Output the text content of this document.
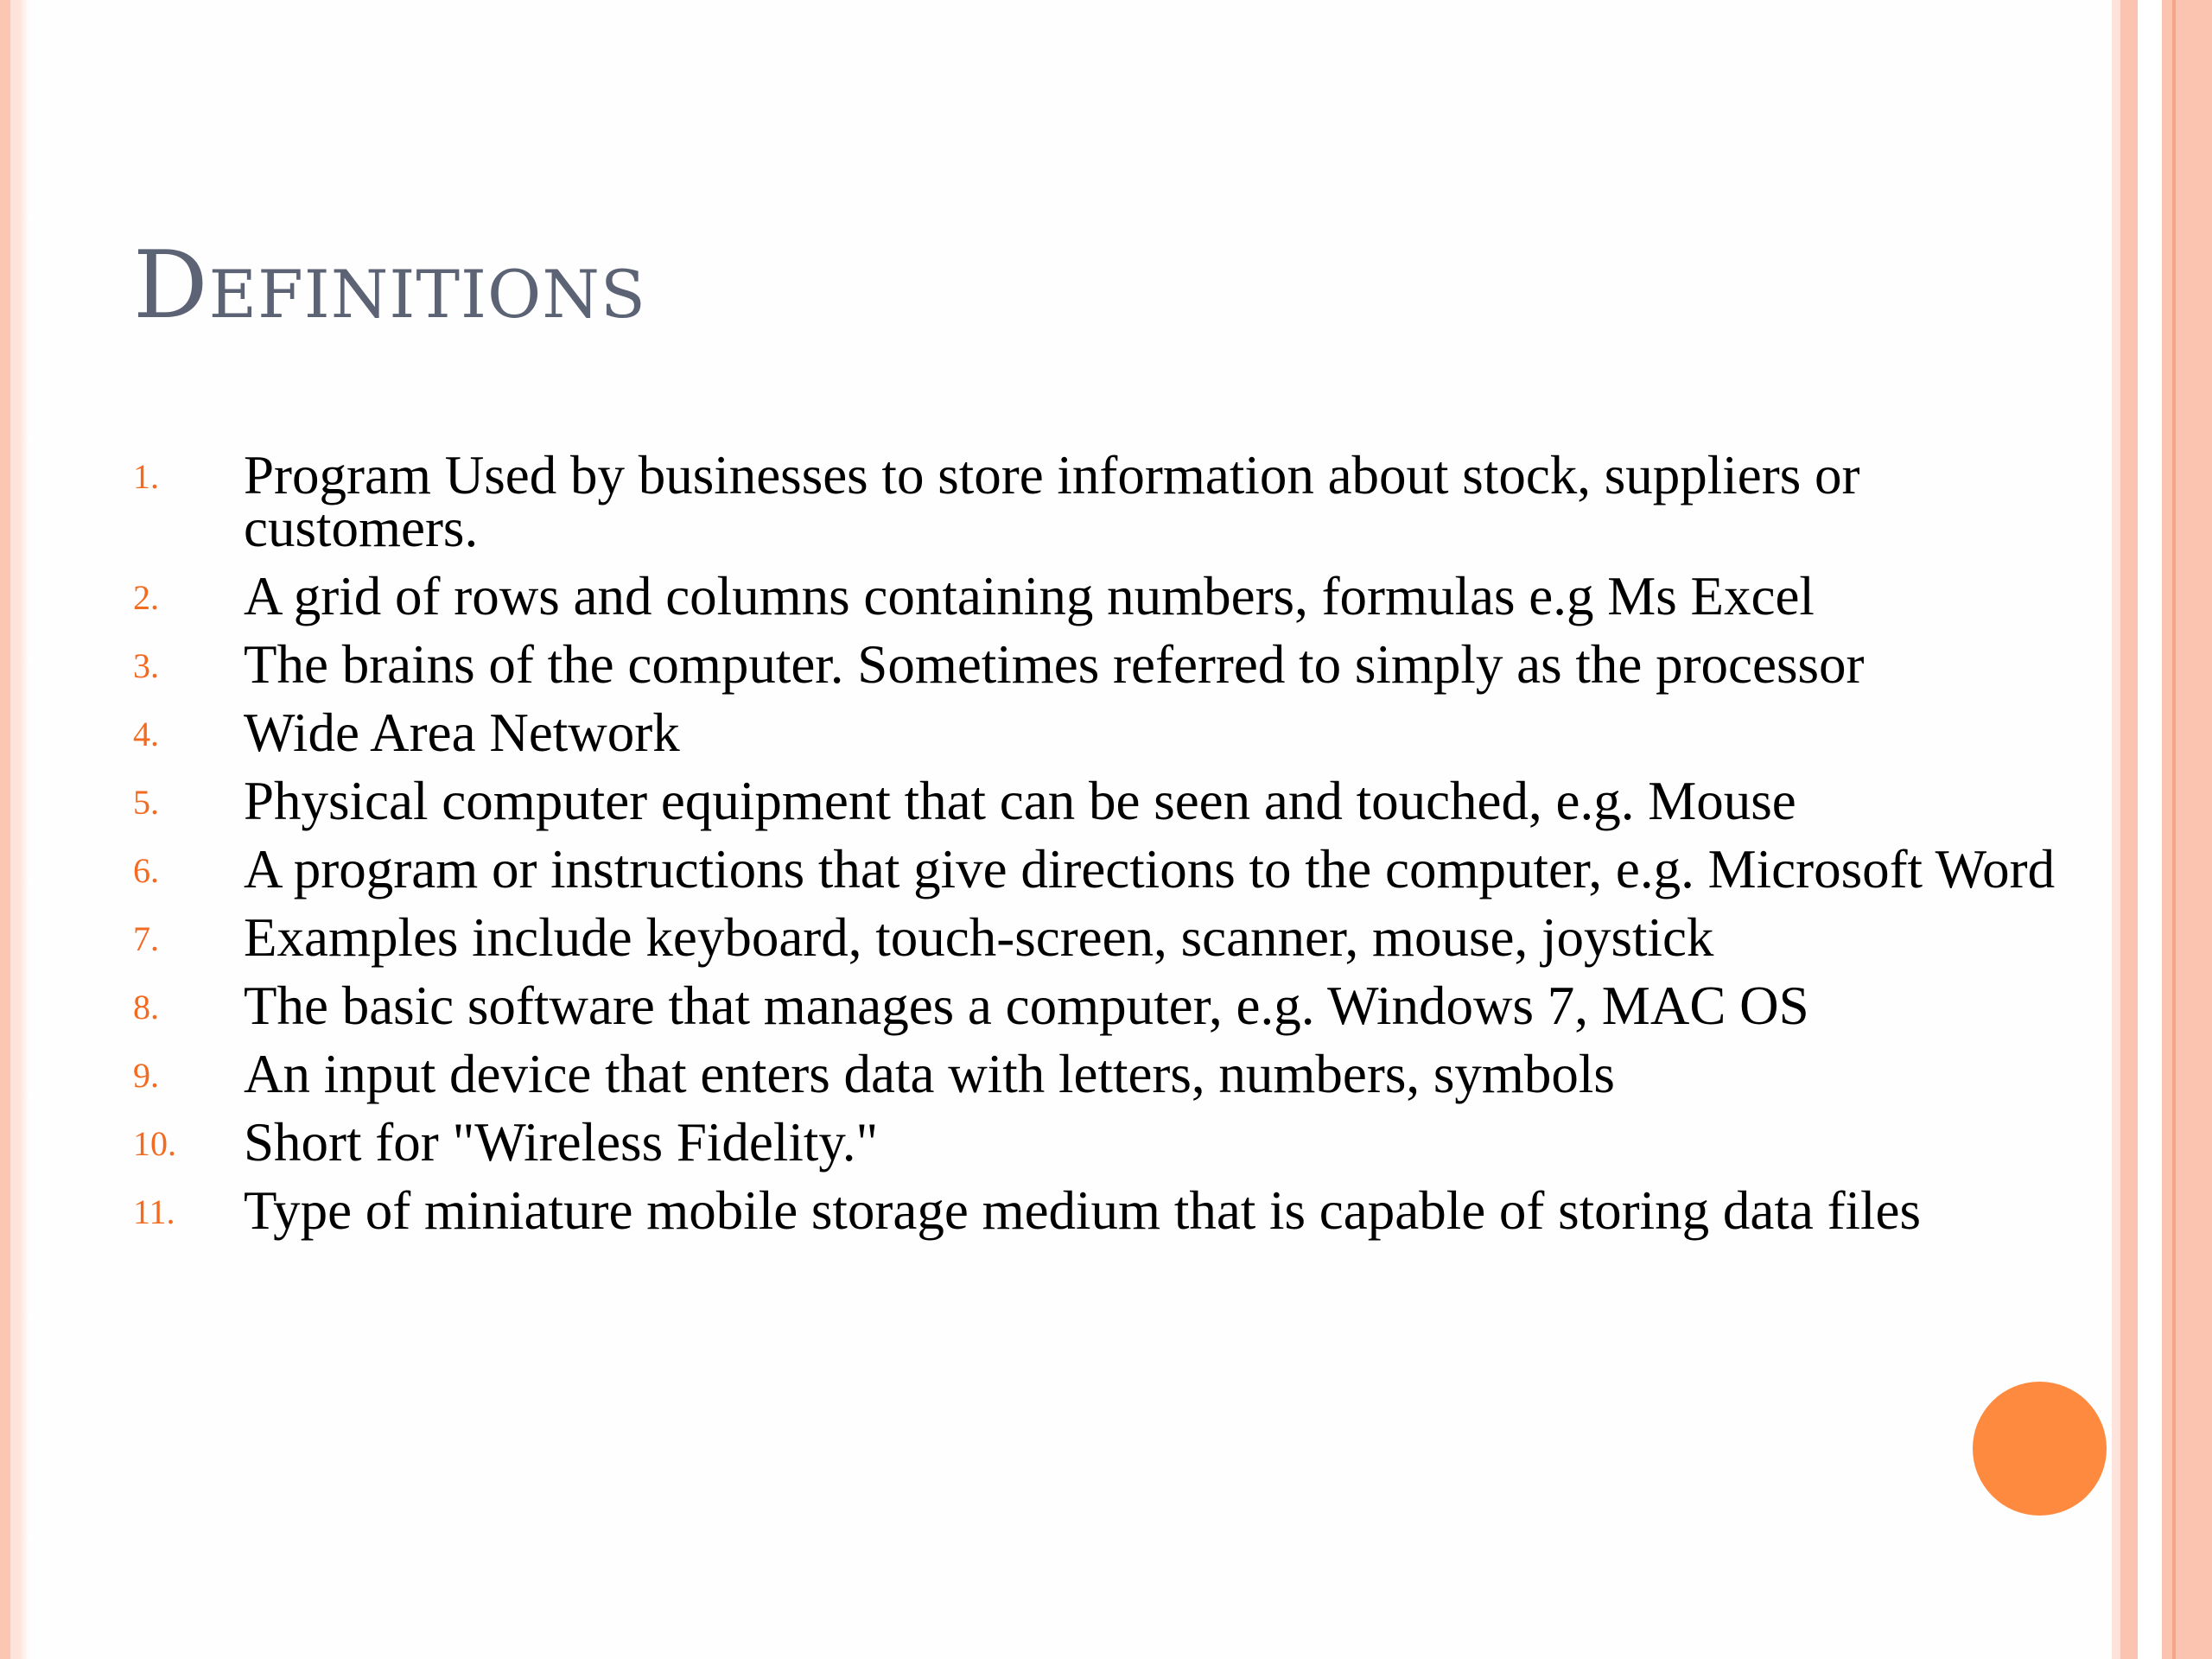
Definitions
1. Program Used by businesses to store information about stock, suppliers or customers.
2. A grid of rows and columns containing numbers, formulas e.g Ms Excel
3. The brains of the computer. Sometimes referred to simply as the processor
4. Wide Area Network
5. Physical computer equipment that can be seen and touched, e.g. Mouse
6. A program or instructions that give directions to the computer, e.g. Microsoft Word
7. Examples include keyboard, touch-screen, scanner, mouse, joystick
8. The basic software that manages a computer, e.g. Windows 7, MAC OS
9. An input device that enters data with letters, numbers, symbols
10. Short for "Wireless Fidelity."
11. Type of miniature mobile storage medium that is capable of storing data files
